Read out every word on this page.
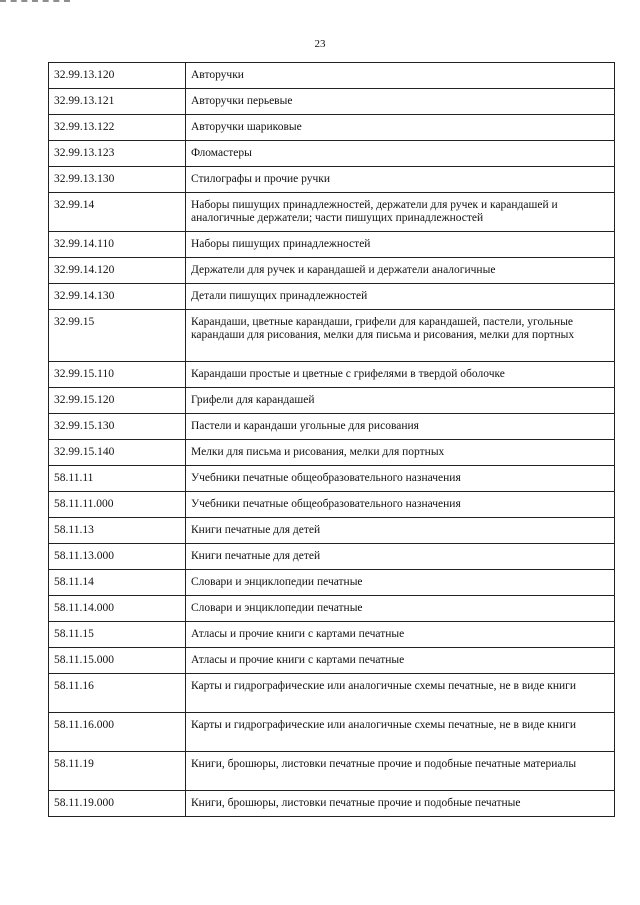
23
32.99.13.120	Авторучки
32.99.13.121	Авторучки перьевые
32.99.13.122	Авторучки шариковые
32.99.13.123	Фломастеры
32.99.13.130	Стилографы и прочие ручки
32.99.14	Наборы пишущих принадлежностей, держатели для ручек и карандашей и аналогичные держатели; части пишущих принадлежностей
32.99.14.110	Наборы пишущих принадлежностей
32.99.14.120	Держатели для ручек и карандашей и держатели аналогичные
32.99.14.130	Детали пишущих принадлежностей
32.99.15	Карандаши, цветные карандаши, грифели для карандашей, пастели, угольные карандаши для рисования, мелки для письма и рисования, мелки для портных
32.99.15.110	Карандаши простые и цветные с грифелями в твердой оболочке
32.99.15.120	Грифели для карандашей
32.99.15.130	Пастели и карандаши угольные для рисования
32.99.15.140	Мелки для письма и рисования, мелки для портных
58.11.11	Учебники печатные общеобразовательного назначения
58.11.11.000	Учебники печатные общеобразовательного назначения
58.11.13	Книги печатные для детей
58.11.13.000	Книги печатные для детей
58.11.14	Словари и энциклопедии печатные
58.11.14.000	Словари и энциклопедии печатные
58.11.15	Атласы и прочие книги с картами печатные
58.11.15.000	Атласы и прочие книги с картами печатные
58.11.16	Карты и гидрографические или аналогичные схемы печатные, не в виде книги
58.11.16.000	Карты и гидрографические или аналогичные схемы печатные, не в виде книги
58.11.19	Книги, брошюры, листовки печатные прочие и подобные печатные материалы
58.11.19.000	Книги, брошюры, листовки печатные прочие и подобные печатные
